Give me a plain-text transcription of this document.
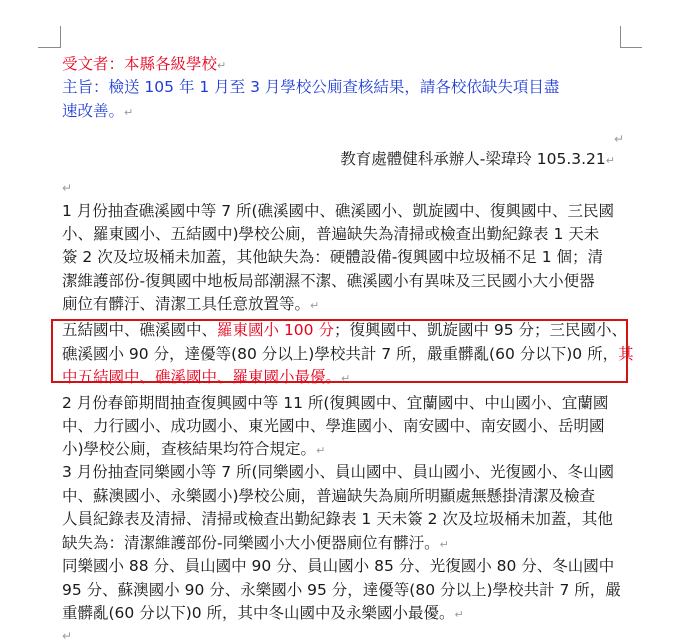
受文者：本縣各級學校↵
主旨：檢送 105 年 1 月至 3 月學校公廁查核結果，請各校依缺失項目盡
速改善。↵
↵
教育處體健科承辦人-梁瑋玲 105.3.21↵
↵
1 月份抽查礁溪國中等 7 所(礁溪國中、礁溪國小、凱旋國中、復興國中、三民國
小、羅東國小、五結國中)學校公廁，普遍缺失為清掃或檢查出勤紀錄表 1 天未
簽 2 次及垃圾桶未加蓋，其他缺失為：硬體設備-復興國中垃圾桶不足 1 個；清
潔維護部份-復興國中地板局部潮濕不潔、礁溪國小有異味及三民國小大小便器
廁位有髒汙、清潔工具任意放置等。↵
五結國中、礁溪國中、羅東國小 100 分；復興國中、凱旋國中 95 分；三民國小、
礁溪國小 90 分，達優等(80 分以上)學校共計 7 所，嚴重髒亂(60 分以下)0 所，其
中五結國中、礁溪國中、羅東國小最優。↵
2 月份春節期間抽查復興國中等 11 所(復興國中、宜蘭國中、中山國小、宜蘭國
中、力行國小、成功國小、東光國中、學進國小、南安國中、南安國小、岳明國
小)學校公廁，查核結果均符合規定。↵
3 月份抽查同樂國小等 7 所(同樂國小、員山國中、員山國小、光復國小、冬山國
中、蘇澳國小、永樂國小)學校公廁，普遍缺失為廁所明顯處無懸掛清潔及檢查
人員紀錄表及清掃、清掃或檢查出勤紀錄表 1 天未簽 2 次及垃圾桶未加蓋，其他
缺失為：清潔維護部份-同樂國小大小便器廁位有髒汙。↵
同樂國小 88 分、員山國中 90 分、員山國小 85 分、光復國小 80 分、冬山國中
95 分、蘇澳國小 90 分、永樂國小 95 分，達優等(80 分以上)學校共計 7 所，嚴
重髒亂(60 分以下)0 所，其中冬山國中及永樂國小最優。↵
↵
